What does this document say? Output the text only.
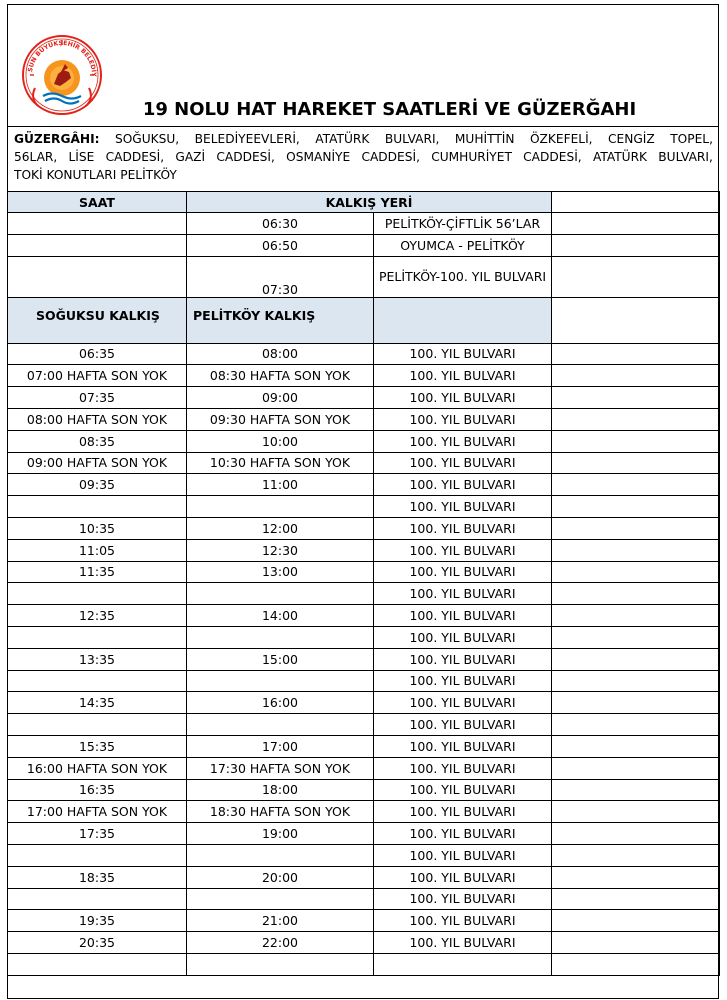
SUN BÜYÜKŞEHİR BELEDİY
19 NOLU HAT HAREKET SAATLERİ VE GÜZERĞAHI
GÜZERGÂHI: SOĞUKSU, BELEDİYEEVLERİ, ATATÜRK BULVARI, MUHİTTİN ÖZKEFELİ, CENGİZ TOPEL,
56LAR, LİSE CADDESİ, GAZİ CADDESİ, OSMANİYE CADDESİ, CUMHURİYET CADDESİ, ATATÜRK BULVARI,
TOKİ KONUTLARI PELİTKÖY
SAAT	KALKIŞ YERİ		
	06:30	PELİTKÖY-ÇİFTLİK 56’LAR	
	06:50	OYUMCA - PELİTKÖY	
	07:30	PELİTKÖY-100. YIL BULVARI	
SOĞUKSU KALKIŞ	PELİTKÖY KALKIŞ		
06:35	08:00	100. YIL BULVARI	
07:00 HAFTA SON YOK	08:30 HAFTA SON YOK	100. YIL BULVARI	
07:35	09:00	100. YIL BULVARI	
08:00 HAFTA SON YOK	09:30 HAFTA SON YOK	100. YIL BULVARI	
08:35	10:00	100. YIL BULVARI	
09:00 HAFTA SON YOK	10:30 HAFTA SON YOK	100. YIL BULVARI	
09:35	11:00	100. YIL BULVARI	
		100. YIL BULVARI	
10:35	12:00	100. YIL BULVARI	
11:05	12:30	100. YIL BULVARI	
11:35	13:00	100. YIL BULVARI	
		100. YIL BULVARI	
12:35	14:00	100. YIL BULVARI	
		100. YIL BULVARI	
13:35	15:00	100. YIL BULVARI	
		100. YIL BULVARI	
14:35	16:00	100. YIL BULVARI	
		100. YIL BULVARI	
15:35	17:00	100. YIL BULVARI	
16:00 HAFTA SON YOK	17:30 HAFTA SON YOK	100. YIL BULVARI	
16:35	18:00	100. YIL BULVARI	
17:00 HAFTA SON YOK	18:30 HAFTA SON YOK	100. YIL BULVARI	
17:35	19:00	100. YIL BULVARI	
		100. YIL BULVARI	
18:35	20:00	100. YIL BULVARI	
		100. YIL BULVARI	
19:35	21:00	100. YIL BULVARI	
20:35	22:00	100. YIL BULVARI	
